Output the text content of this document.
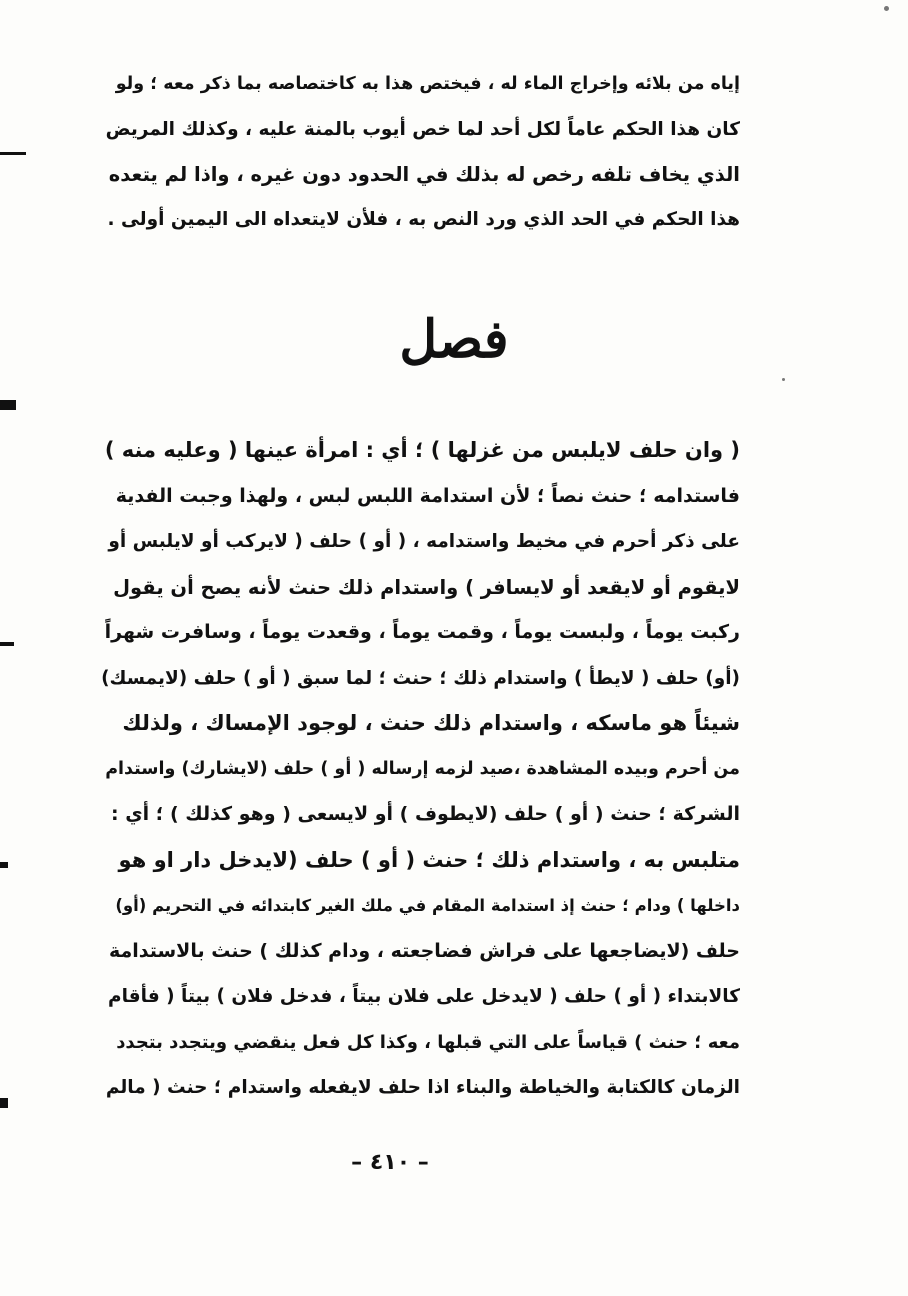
إياه من بلائه وإخراج الماء له ، فيختص هذا به كاختصاصه بما ذكر معه ؛ ولو
كان هذا الحكم عاماً لكل أحد لما خص أيوب بالمنة عليه ، وكذلك المريض
الذي يخاف تلفه رخص له بذلك في الحدود دون غيره ، واذا لم يتعده
هذا الحكم في الحد الذي ورد النص به ، فلأن لايتعداه الى اليمين أولى .
فصل
( وان حلف لايلبس من غزلها ) ؛ أي : امرأة عينها ( وعليه منه )
فاستدامه ؛ حنث نصاً ؛ لأن استدامة اللبس لبس ، ولهذا وجبت الفدية
على ذكر أحرم في مخيط واستدامه ، ( أو ) حلف ( لايركب أو لايلبس أو
لايقوم أو لايقعد أو لايسافر ) واستدام ذلك حنث لأنه يصح أن يقول
ركبت يوماً ، ولبست يوماً ، وقمت يوماً ، وقعدت يوماً ، وسافرت شهراً
(أو) حلف ( لايطأ ) واستدام ذلك ؛ حنث ؛ لما سبق ( أو ) حلف (لايمسك)
شيئاً هو ماسكه ، واستدام ذلك حنث ، لوجود الإمساك ، ولذلك
من أحرم وبيده المشاهدة ،صيد لزمه إرساله ( أو ) حلف (لايشارك) واستدام
الشركة ؛ حنث ( أو ) حلف (لايطوف ) أو لايسعى ( وهو كذلك ) ؛ أي :
متلبس به ، واستدام ذلك ؛ حنث ( أو ) حلف (لايدخل دار او هو
داخلها ) ودام ؛ حنث إذ استدامة المقام في ملك الغير كابتدائه في التحريم (أو)
حلف (لايضاجعها على فراش فضاجعته ، ودام كذلك ) حنث بالاستدامة
كالابتداء ( أو ) حلف ( لايدخل على فلان بيتاً ، فدخل فلان ) بيتاً ( فأقام
معه ؛ حنث ) قياساً على التي قبلها ، وكذا كل فعل ينقضي ويتجدد بتجدد
الزمان كالكتابة والخياطة والبناء اذا حلف لايفعله واستدام ؛ حنث ( مالم
– ٤١٠ –
